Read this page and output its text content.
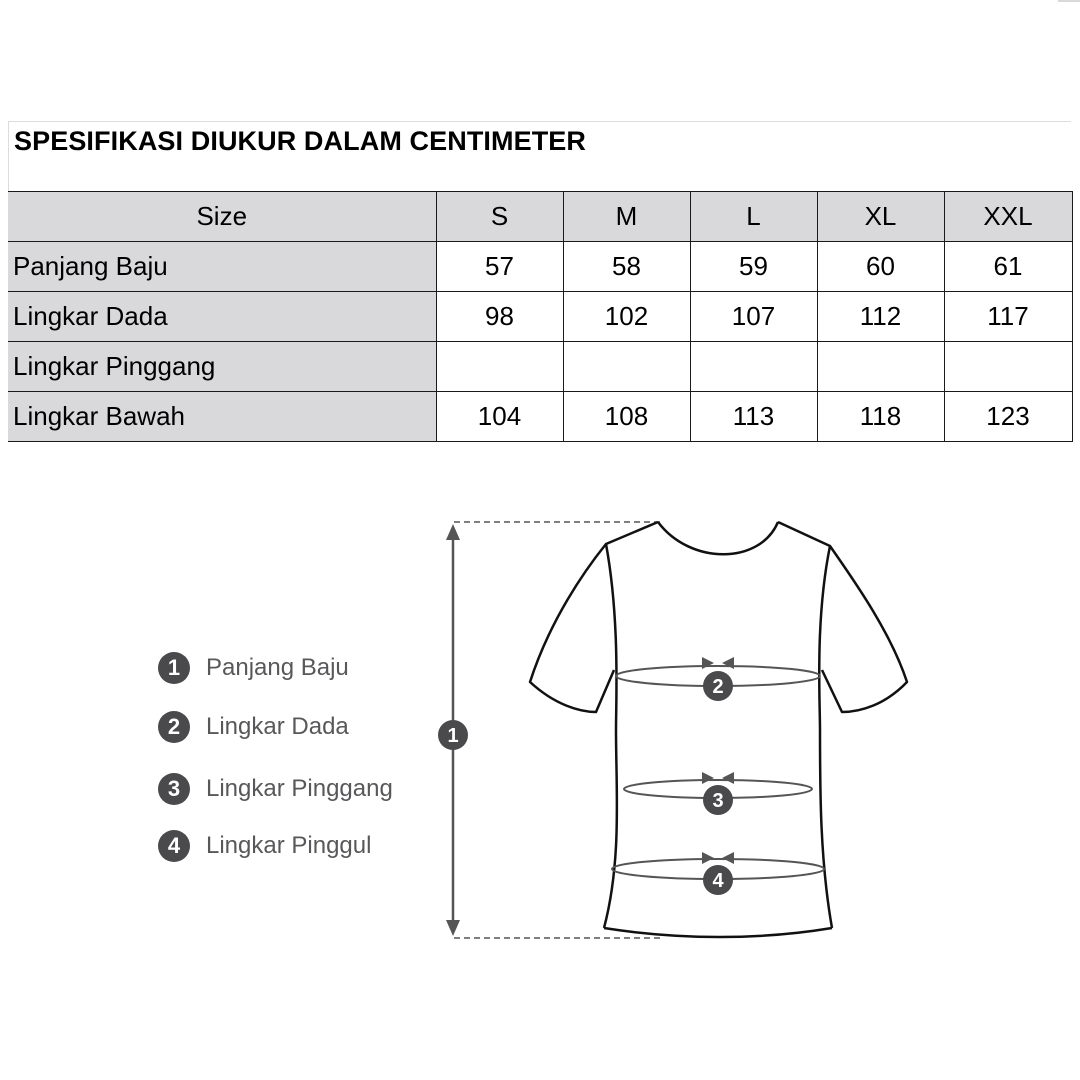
SPESIFIKASI DIUKUR DALAM CENTIMETER
Size	S	M	L	XL	XXL
Panjang Baju	57	58	59	60	61
Lingkar Dada	98	102	107	112	117
Lingkar Pinggang					
Lingkar Bawah	104	108	113	118	123
1	Panjang Baju
2	Lingkar Dada
3	Lingkar Pinggang
4	Lingkar Pinggul
1
2
3
4
